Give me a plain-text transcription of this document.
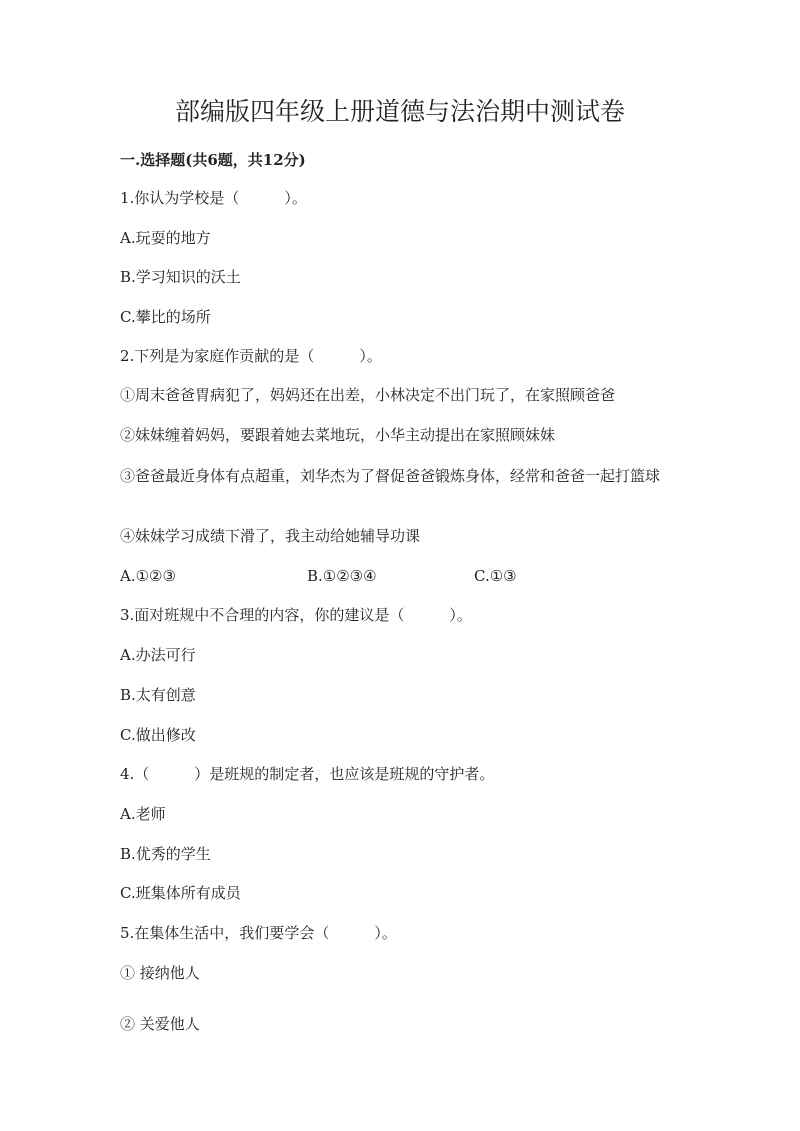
部编版四年级上册道德与法治期中测试卷
一.选择题(共6题，共12分)
1.你认为学校是（　　　）。
A.玩耍的地方
B.学习知识的沃土
C.攀比的场所
2.下列是为家庭作贡献的是（　　　）。
①周末爸爸胃病犯了，妈妈还在出差，小林决定不出门玩了，在家照顾爸爸
②妹妹缠着妈妈，要跟着她去菜地玩，小华主动提出在家照顾妹妹
③爸爸最近身体有点超重，刘华杰为了督促爸爸锻炼身体，经常和爸爸一起打篮球
④妹妹学习成绩下滑了，我主动给她辅导功课
A.①②③	B.①②③④	C.①③
3.面对班规中不合理的内容，你的建议是（　　　）。
A.办法可行
B.太有创意
C.做出修改
4.（　　　）是班规的制定者，也应该是班规的守护者。
A.老师
B.优秀的学生
C.班集体所有成员
5.在集体生活中，我们要学会（　　　）。
① 接纳他人
② 关爱他人
